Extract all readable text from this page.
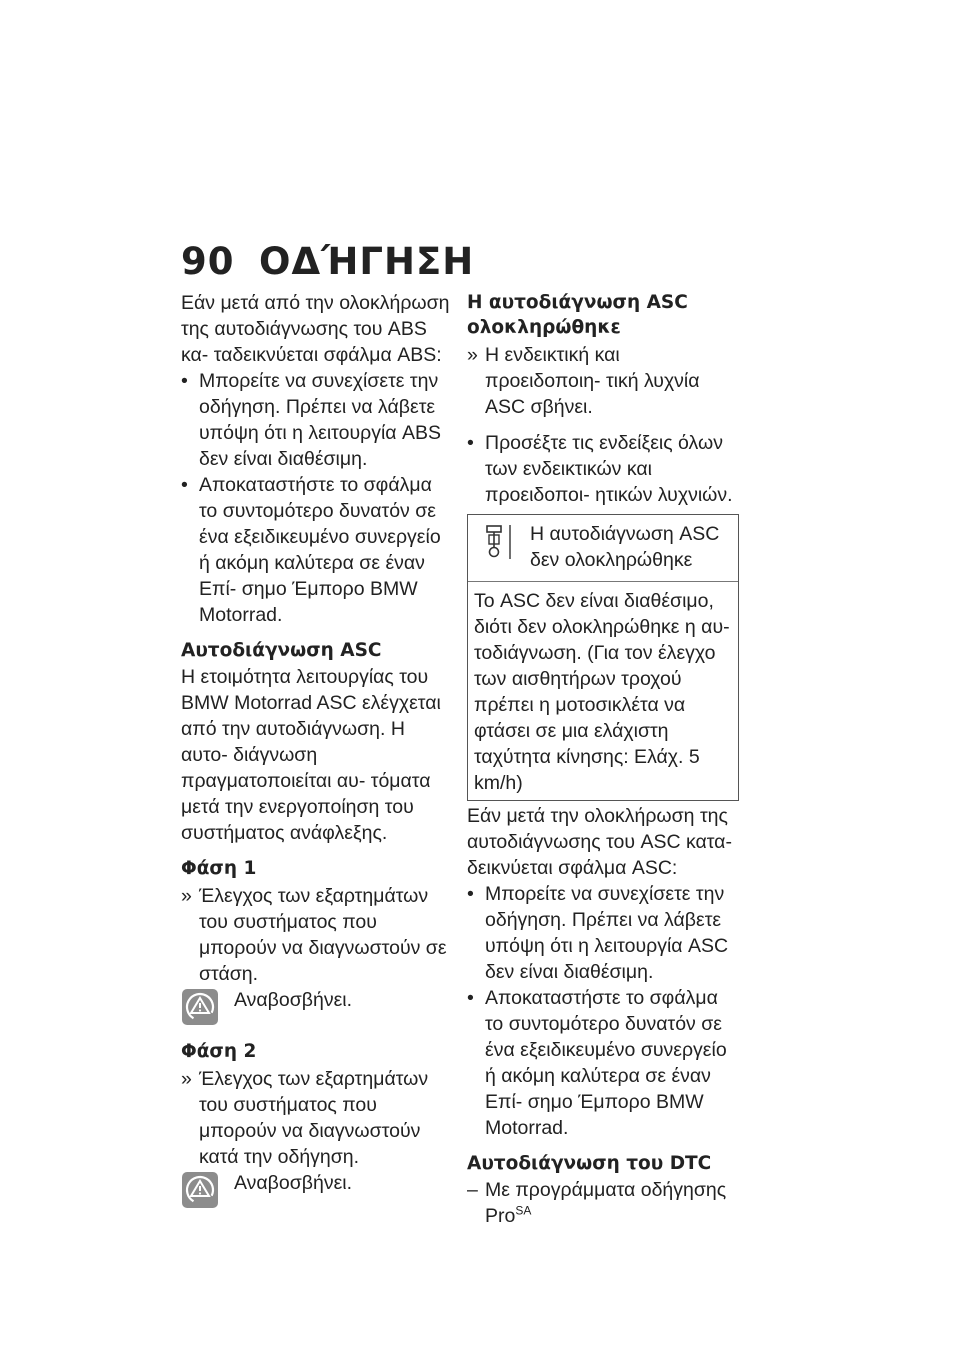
90 ΟΔΉΓΗΣΗ

Εάν μετά από την ολοκλήρωση της αυτοδιάγνωσης του ABS κα- ταδεικνύεται σφάλμα ABS:

• Μπορείτε να συνεχίσετε την οδήγηση. Πρέπει να λάβετε υπόψη ότι η λειτουργία ABS δεν είναι διαθέσιμη.
• Αποκαταστήστε το σφάλμα το συντομότερο δυνατόν σε ένα εξειδικευμένο συνεργείο ή ακόμη καλύτερα σε έναν Επί- σημο Έμπορο BMW Motorrad.
Αυτοδιάγνωση ASC

Η ετοιμότητα λειτουργίας του BMW Motorrad ASC ελέγχεται από την αυτοδιάγνωση. Η αυτο- διάγνωση πραγματοποιείται αυ- τόματα μετά την ενεργοποίηση του συστήματος ανάφλεξης.

Φάση 1
» Έλεγχος των εξαρτημάτων του συστήματος που μπορούν να διαγνωστούν σε στάση.
Αναβοσβήνει.
Φάση 2
» Έλεγχος των εξαρτημάτων του συστήματος που μπορούν να διαγνωστούν κατά την οδήγηση.
Αναβοσβήνει.
Η αυτοδιάγνωση ASC ολοκληρώθηκε
» Η ενδεικτική και προειδοποιη- τική λυχνία ASC σβήνει.
• Προσέξτε τις ενδείξεις όλων των ενδεικτικών και προειδοποι- ητικών λυχνιών.
Η αυτοδιάγνωση ASC δεν ολοκληρώθηκε
Το ASC δεν είναι διαθέσιμο, διότι δεν ολοκληρώθηκε η αυ- τοδιάγνωση. (Για τον έλεγχο των αισθητήρων τροχού πρέπει η μοτοσικλέτα να φτάσει σε μια ελάχιστη ταχύτητα κίνησης: Ελάχ. 5 km/h)

Εάν μετά την ολοκλήρωση της αυτοδιάγνωσης του ASC κατα- δεικνύεται σφάλμα ASC:

• Μπορείτε να συνεχίσετε την οδήγηση. Πρέπει να λάβετε υπόψη ότι η λειτουργία ASC δεν είναι διαθέσιμη.
• Αποκαταστήστε το σφάλμα το συντομότερο δυνατόν σε ένα εξειδικευμένο συνεργείο ή ακόμη καλύτερα σε έναν Επί- σημο Έμπορο BMW Motorrad.
Αυτοδιάγνωση του DTC
– Με προγράμματα οδήγησης Pro$^{SA}$
